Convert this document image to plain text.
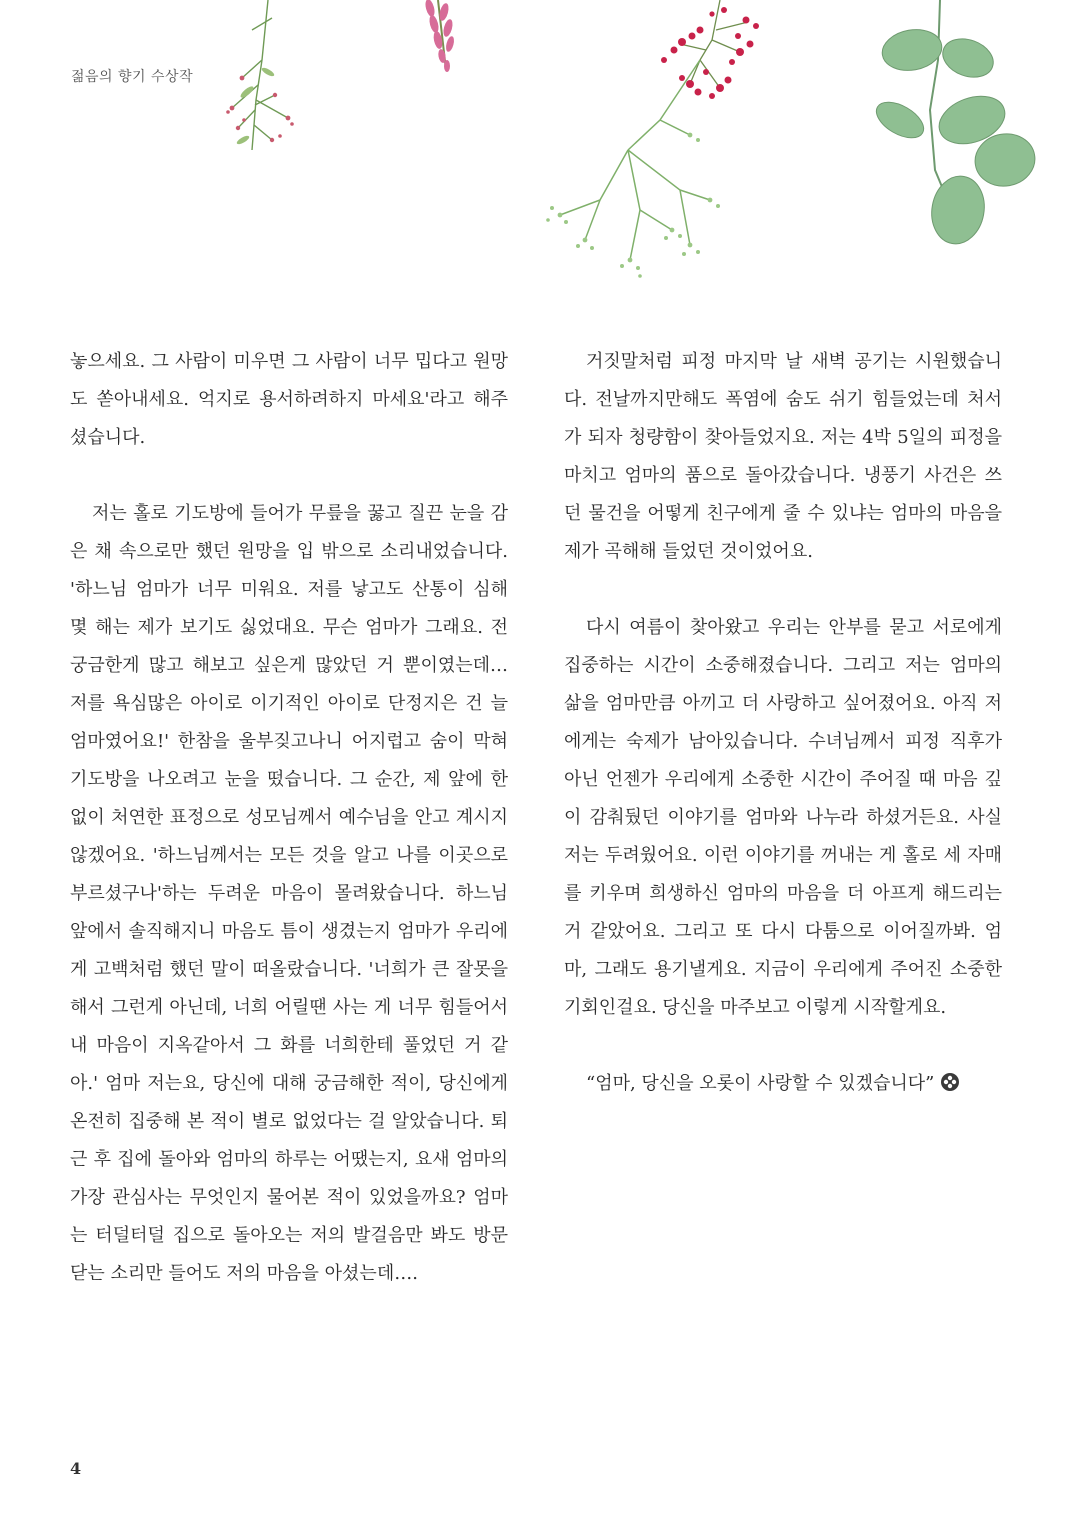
젊음의 향기 수상작

놓으세요. 그 사람이 미우면 그 사람이 너무 밉다고 원망도 쏟아내세요. 억지로 용서하려하지 마세요'라고 해주셨습니다.

저는 홀로 기도방에 들어가 무릎을 꿇고 질끈 눈을 감은 채 속으로만 했던 원망을 입 밖으로 소리내었습니다. '하느님 엄마가 너무 미워요. 저를 낳고도 산통이 심해 몇 해는 제가 보기도 싫었대요. 무슨 엄마가 그래요. 전 궁금한게 많고 해보고 싶은게 많았던 거 뿐이였는데… 저를 욕심많은 아이로 이기적인 아이로 단정지은 건 늘 엄마였어요!' 한참을 울부짖고나니 어지럽고 숨이 막혀 기도방을 나오려고 눈을 떴습니다. 그 순간, 제 앞에 한없이 처연한 표정으로 성모님께서 예수님을 안고 계시지 않겠어요. '하느님께서는 모든 것을 알고 나를 이곳으로 부르셨구나'하는 두려운 마음이 몰려왔습니다. 하느님 앞에서 솔직해지니 마음도 틈이 생겼는지 엄마가 우리에게 고백처럼 했던 말이 떠올랐습니다. '너희가 큰 잘못을 해서 그런게 아닌데, 너희 어릴땐 사는 게 너무 힘들어서 내 마음이 지옥같아서 그 화를 너희한테 풀었던 거 같아.' 엄마 저는요, 당신에 대해 궁금해한 적이, 당신에게 온전히 집중해 본 적이 별로 없었다는 걸 알았습니다. 퇴근 후 집에 돌아와 엄마의 하루는 어땠는지, 요새 엄마의 가장 관심사는 무엇인지 물어본 적이 있었을까요? 엄마는 터덜터덜 집으로 돌아오는 저의 발걸음만 봐도 방문 닫는 소리만 들어도 저의 마음을 아셨는데….

거짓말처럼 피정 마지막 날 새벽 공기는 시원했습니다. 전날까지만해도 폭염에 숨도 쉬기 힘들었는데 처서가 되자 청량함이 찾아들었지요. 저는 4박 5일의 피정을 마치고 엄마의 품으로 돌아갔습니다. 냉풍기 사건은 쓰던 물건을 어떻게 친구에게 줄 수 있냐는 엄마의 마음을 제가 곡해해 들었던 것이었어요.

다시 여름이 찾아왔고 우리는 안부를 묻고 서로에게 집중하는 시간이 소중해졌습니다. 그리고 저는 엄마의 삶을 엄마만큼 아끼고 더 사랑하고 싶어졌어요. 아직 저에게는 숙제가 남아있습니다. 수녀님께서 피정 직후가 아닌 언젠가 우리에게 소중한 시간이 주어질 때 마음 깊이 감춰뒀던 이야기를 엄마와 나누라 하셨거든요. 사실 저는 두려웠어요. 이런 이야기를 꺼내는 게 홀로 세 자매를 키우며 희생하신 엄마의 마음을 더 아프게 해드리는거 같았어요. 그리고 또 다시 다툼으로 이어질까봐. 엄마, 그래도 용기낼게요. 지금이 우리에게 주어진 소중한 기회인걸요. 당신을 마주보고 이렇게 시작할게요.

“엄마, 당신을 오롯이 사랑할 수 있겠습니다”

4
